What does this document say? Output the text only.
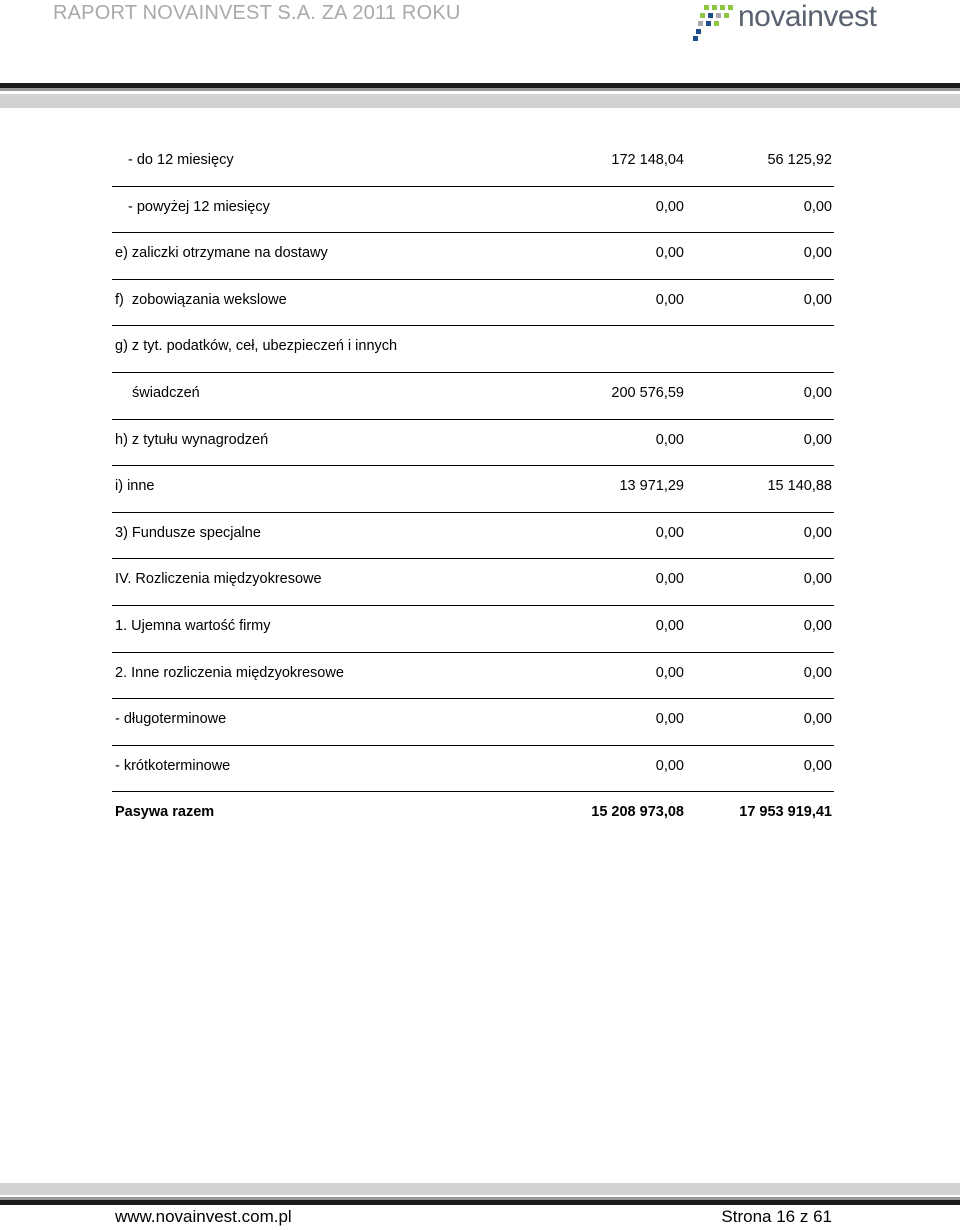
RAPORT NOVAINVEST S.A. ZA 2011 ROKU	novainvest
- do 12 miesięcy	172 148,04	56 125,92
- powyżej 12 miesięcy	0,00	0,00
e) zaliczki otrzymane na dostawy	0,00	0,00
f)  zobowiązania wekslowe	0,00	0,00
g) z tyt. podatków, ceł, ubezpieczeń i innych
świadczeń	200 576,59	0,00
h) z tytułu wynagrodzeń	0,00	0,00
i) inne	13 971,29	15 140,88
3) Fundusze specjalne	0,00	0,00
IV. Rozliczenia międzyokresowe	0,00	0,00
1. Ujemna wartość firmy	0,00	0,00
2. Inne rozliczenia międzyokresowe	0,00	0,00
- długoterminowe	0,00	0,00
- krótkoterminowe	0,00	0,00
Pasywa razem	15 208 973,08	17 953 919,41
www.novainvest.com.pl	Strona 16 z 61
